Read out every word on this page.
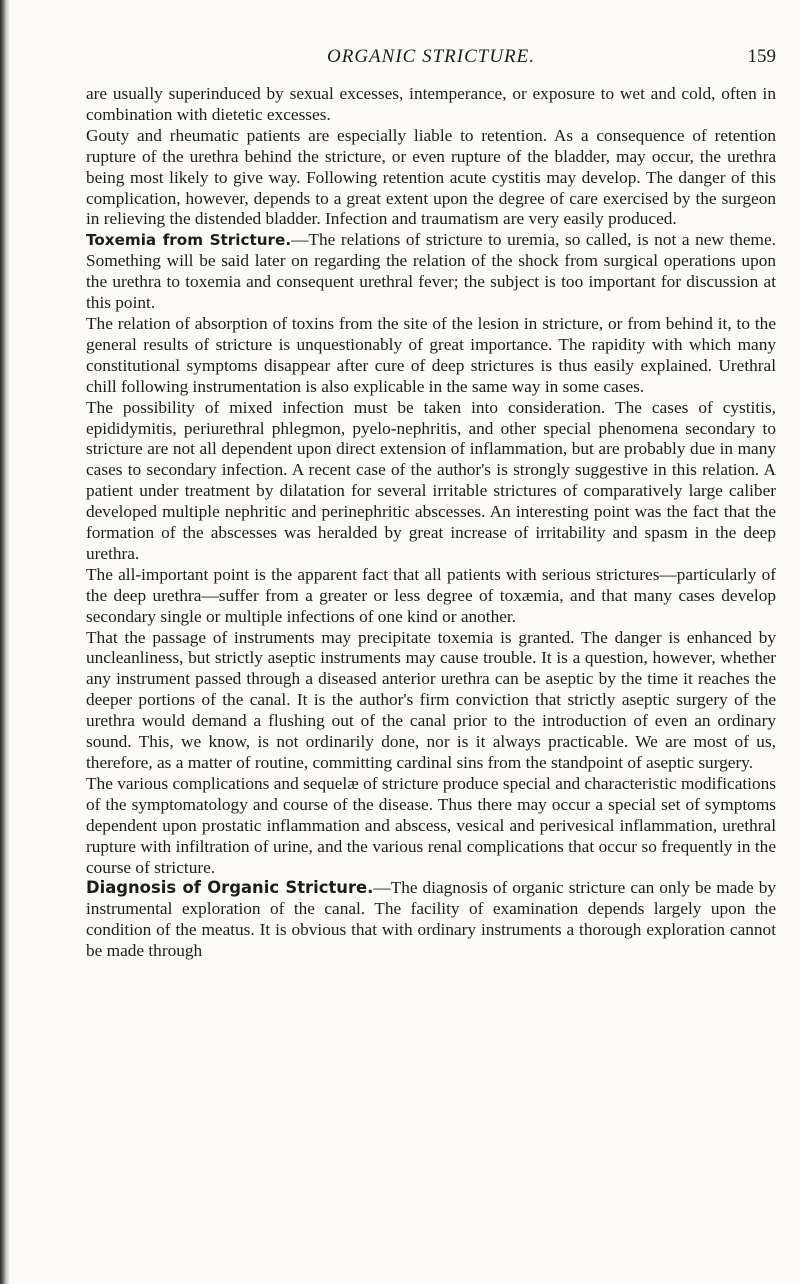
ORGANIC STRICTURE.	159

are usually superinduced by sexual excesses, intemperance, or exposure to wet and cold, often in combination with dietetic excesses.

Gouty and rheumatic patients are especially liable to retention. As a consequence of retention rupture of the urethra behind the stricture, or even rupture of the bladder, may occur, the urethra being most likely to give way. Following retention acute cystitis may develop. The danger of this complication, however, depends to a great extent upon the degree of care exercised by the surgeon in relieving the distended bladder. Infection and traumatism are very easily produced.

Toxemia from Stricture.—The relations of stricture to uremia, so called, is not a new theme. Something will be said later on regarding the relation of the shock from surgical operations upon the urethra to toxemia and consequent urethral fever; the subject is too important for discussion at this point.

The relation of absorption of toxins from the site of the lesion in stricture, or from behind it, to the general results of stricture is unquestionably of great importance. The rapidity with which many constitutional symptoms disappear after cure of deep strictures is thus easily explained. Urethral chill following instrumentation is also explicable in the same way in some cases.

The possibility of mixed infection must be taken into consideration. The cases of cystitis, epididymitis, periurethral phlegmon, pyelo-nephritis, and other special phenomena secondary to stricture are not all dependent upon direct extension of inflammation, but are probably due in many cases to secondary infection. A recent case of the author's is strongly suggestive in this relation. A patient under treatment by dilatation for several irritable strictures of comparatively large caliber developed multiple nephritic and perinephritic abscesses. An interesting point was the fact that the formation of the abscesses was heralded by great increase of irritability and spasm in the deep urethra.

The all-important point is the apparent fact that all patients with serious strictures—particularly of the deep urethra—suffer from a greater or less degree of toxæmia, and that many cases develop secondary single or multiple infections of one kind or another.

That the passage of instruments may precipitate toxemia is granted. The danger is enhanced by uncleanliness, but strictly aseptic instruments may cause trouble. It is a question, however, whether any instrument passed through a diseased anterior urethra can be aseptic by the time it reaches the deeper portions of the canal. It is the author's firm conviction that strictly aseptic surgery of the urethra would demand a flushing out of the canal prior to the introduction of even an ordinary sound. This, we know, is not ordinarily done, nor is it always practicable. We are most of us, therefore, as a matter of routine, committing cardinal sins from the standpoint of aseptic surgery.

The various complications and sequelæ of stricture produce special and characteristic modifications of the symptomatology and course of the disease. Thus there may occur a special set of symptoms dependent upon prostatic inflammation and abscess, vesical and perivesical inflammation, urethral rupture with infiltration of urine, and the various renal complications that occur so frequently in the course of stricture.

Diagnosis of Organic Stricture.—The diagnosis of organic stricture can only be made by instrumental exploration of the canal. The facility of examination depends largely upon the condition of the meatus. It is obvious that with ordinary instruments a thorough exploration cannot be made through
